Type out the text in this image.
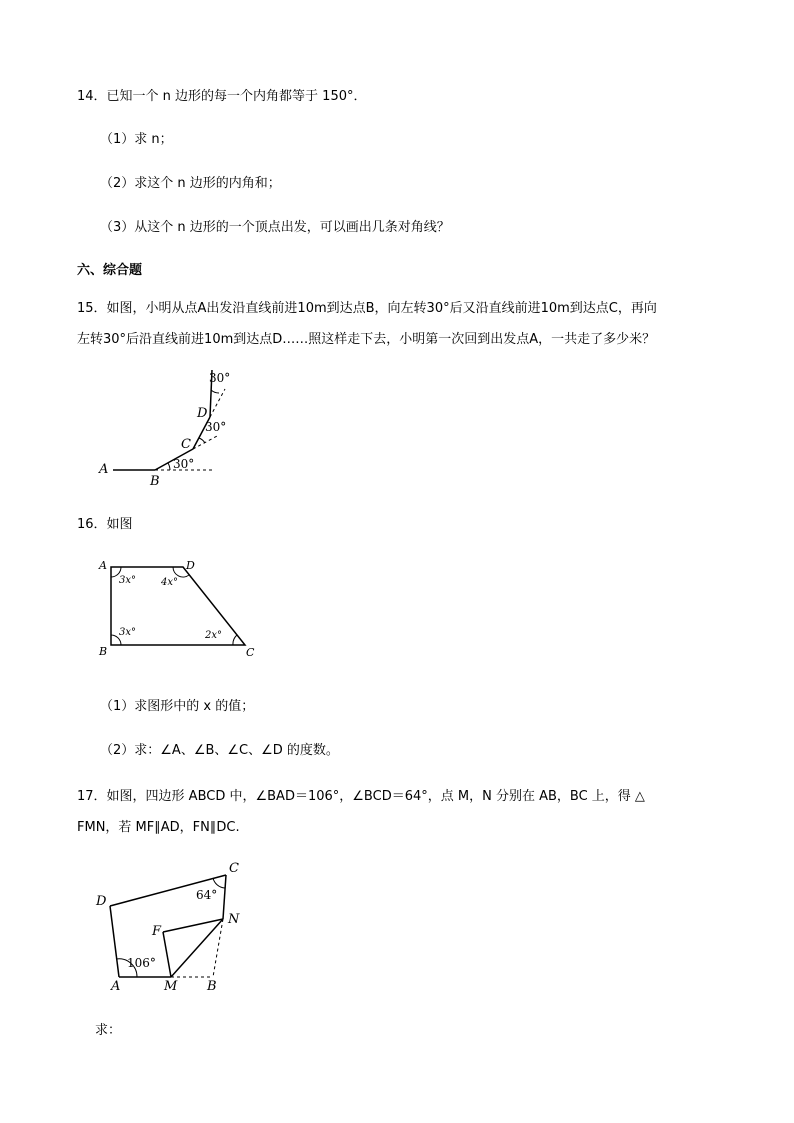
14．已知一个 n 边形的每一个内角都等于 150°．
（1）求 n；
（2）求这个 n 边形的内角和；
（3）从这个 n 边形的一个顶点出发，可以画出几条对角线？
六、综合题
15．如图，小明从点A出发沿直线前进10m到达点B，向左转30°后又沿直线前进10m到达点C，再向
左转30°后沿直线前进10m到达点D……照这样走下去，小明第一次回到出发点A，一共走了多少米？
A
B
C
D
30°
30°
30°
16．如图
A
B	C
D
3x°
3x°	2x°
4x°
（1）求图形中的 x 的值；
（2）求：∠A、∠B、∠C、∠D 的度数。
17．如图，四边形 ABCD 中，∠BAD＝106°，∠BCD＝64°，点 M，N 分别在 AB，BC 上，得 △
FMN，若 MF∥AD，FN∥DC.
D
C
A	M B
N
F
106°
64°
求：
